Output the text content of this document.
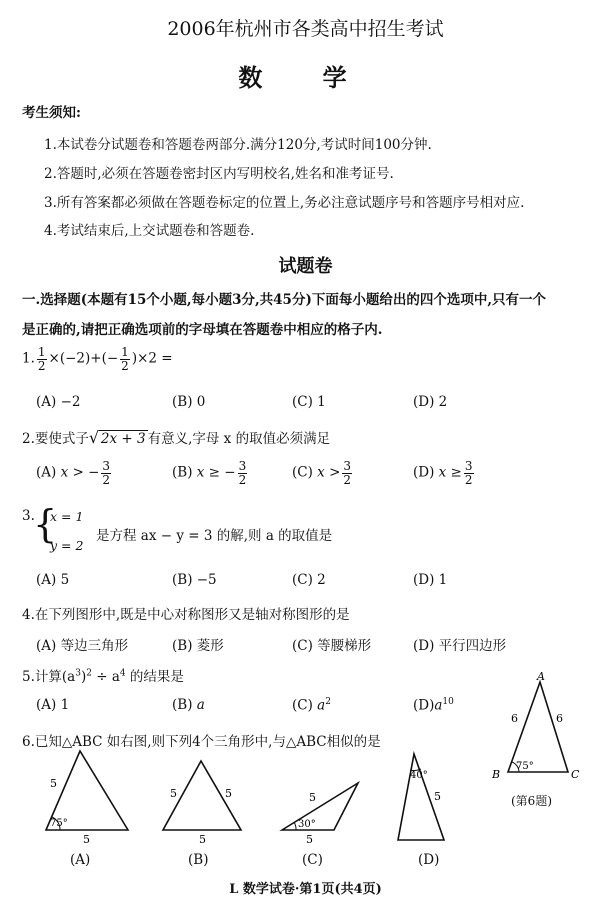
2006年杭州市各类高中招生考试
数 学
考生须知:
1.本试卷分试题卷和答题卷两部分.满分120分,考试时间100分钟.
2.答题时,必须在答题卷密封区内写明校名,姓名和准考证号.
3.所有答案都必须做在答题卷标定的位置上,务必注意试题序号和答题序号相对应.
4.考试结束后,上交试题卷和答题卷.
试题卷
一.选择题(本题有15个小题,每小题3分,共45分)下面每小题给出的四个选项中,只有一个
是正确的,请把正确选项前的字母填在答题卷中相应的格子内.
1. $\frac{1}{2} \times(-2)+(- \frac{1}{2} )\times 2$ =
(A) −2	(B) 0	(C) 1	(D) 2
2.要使式子 √ 2x + 3 有意义,字母 x 的取值必须满足
(A) x > − $\frac{3}{2}$	(B) x ≥ − $\frac{3}{2}$	(C) $x > \frac{3}{2}$	(D) $x \ge \frac{3}{2}$
3.
{
x = 1
y = 2
是方程 ax − y = 3 的解,则 a 的取值是
(A) 5	(B) −5	(C) 2	(D) 1
4.在下列图形中,既是中心对称图形又是轴对称图形的是
(A) 等边三角形	(B) 菱形	(C) 等腰梯形	(D) 平行四边形
5.计算$(a^3)^2 \div a^4$ 的结果是
(A) 1	(B) a	(C) $a^2$	$(D)a^{10}$
6.已知△ABC 如右图,则下列4个三角形中,与△ABC相似的是
A
B	C
6	6
75°
(第6题)
5
5
75°
(A)
5	5
5
(B)
5
5
30°
(C)
40°
5
(D)
L 数学试卷·第1页(共4页)
